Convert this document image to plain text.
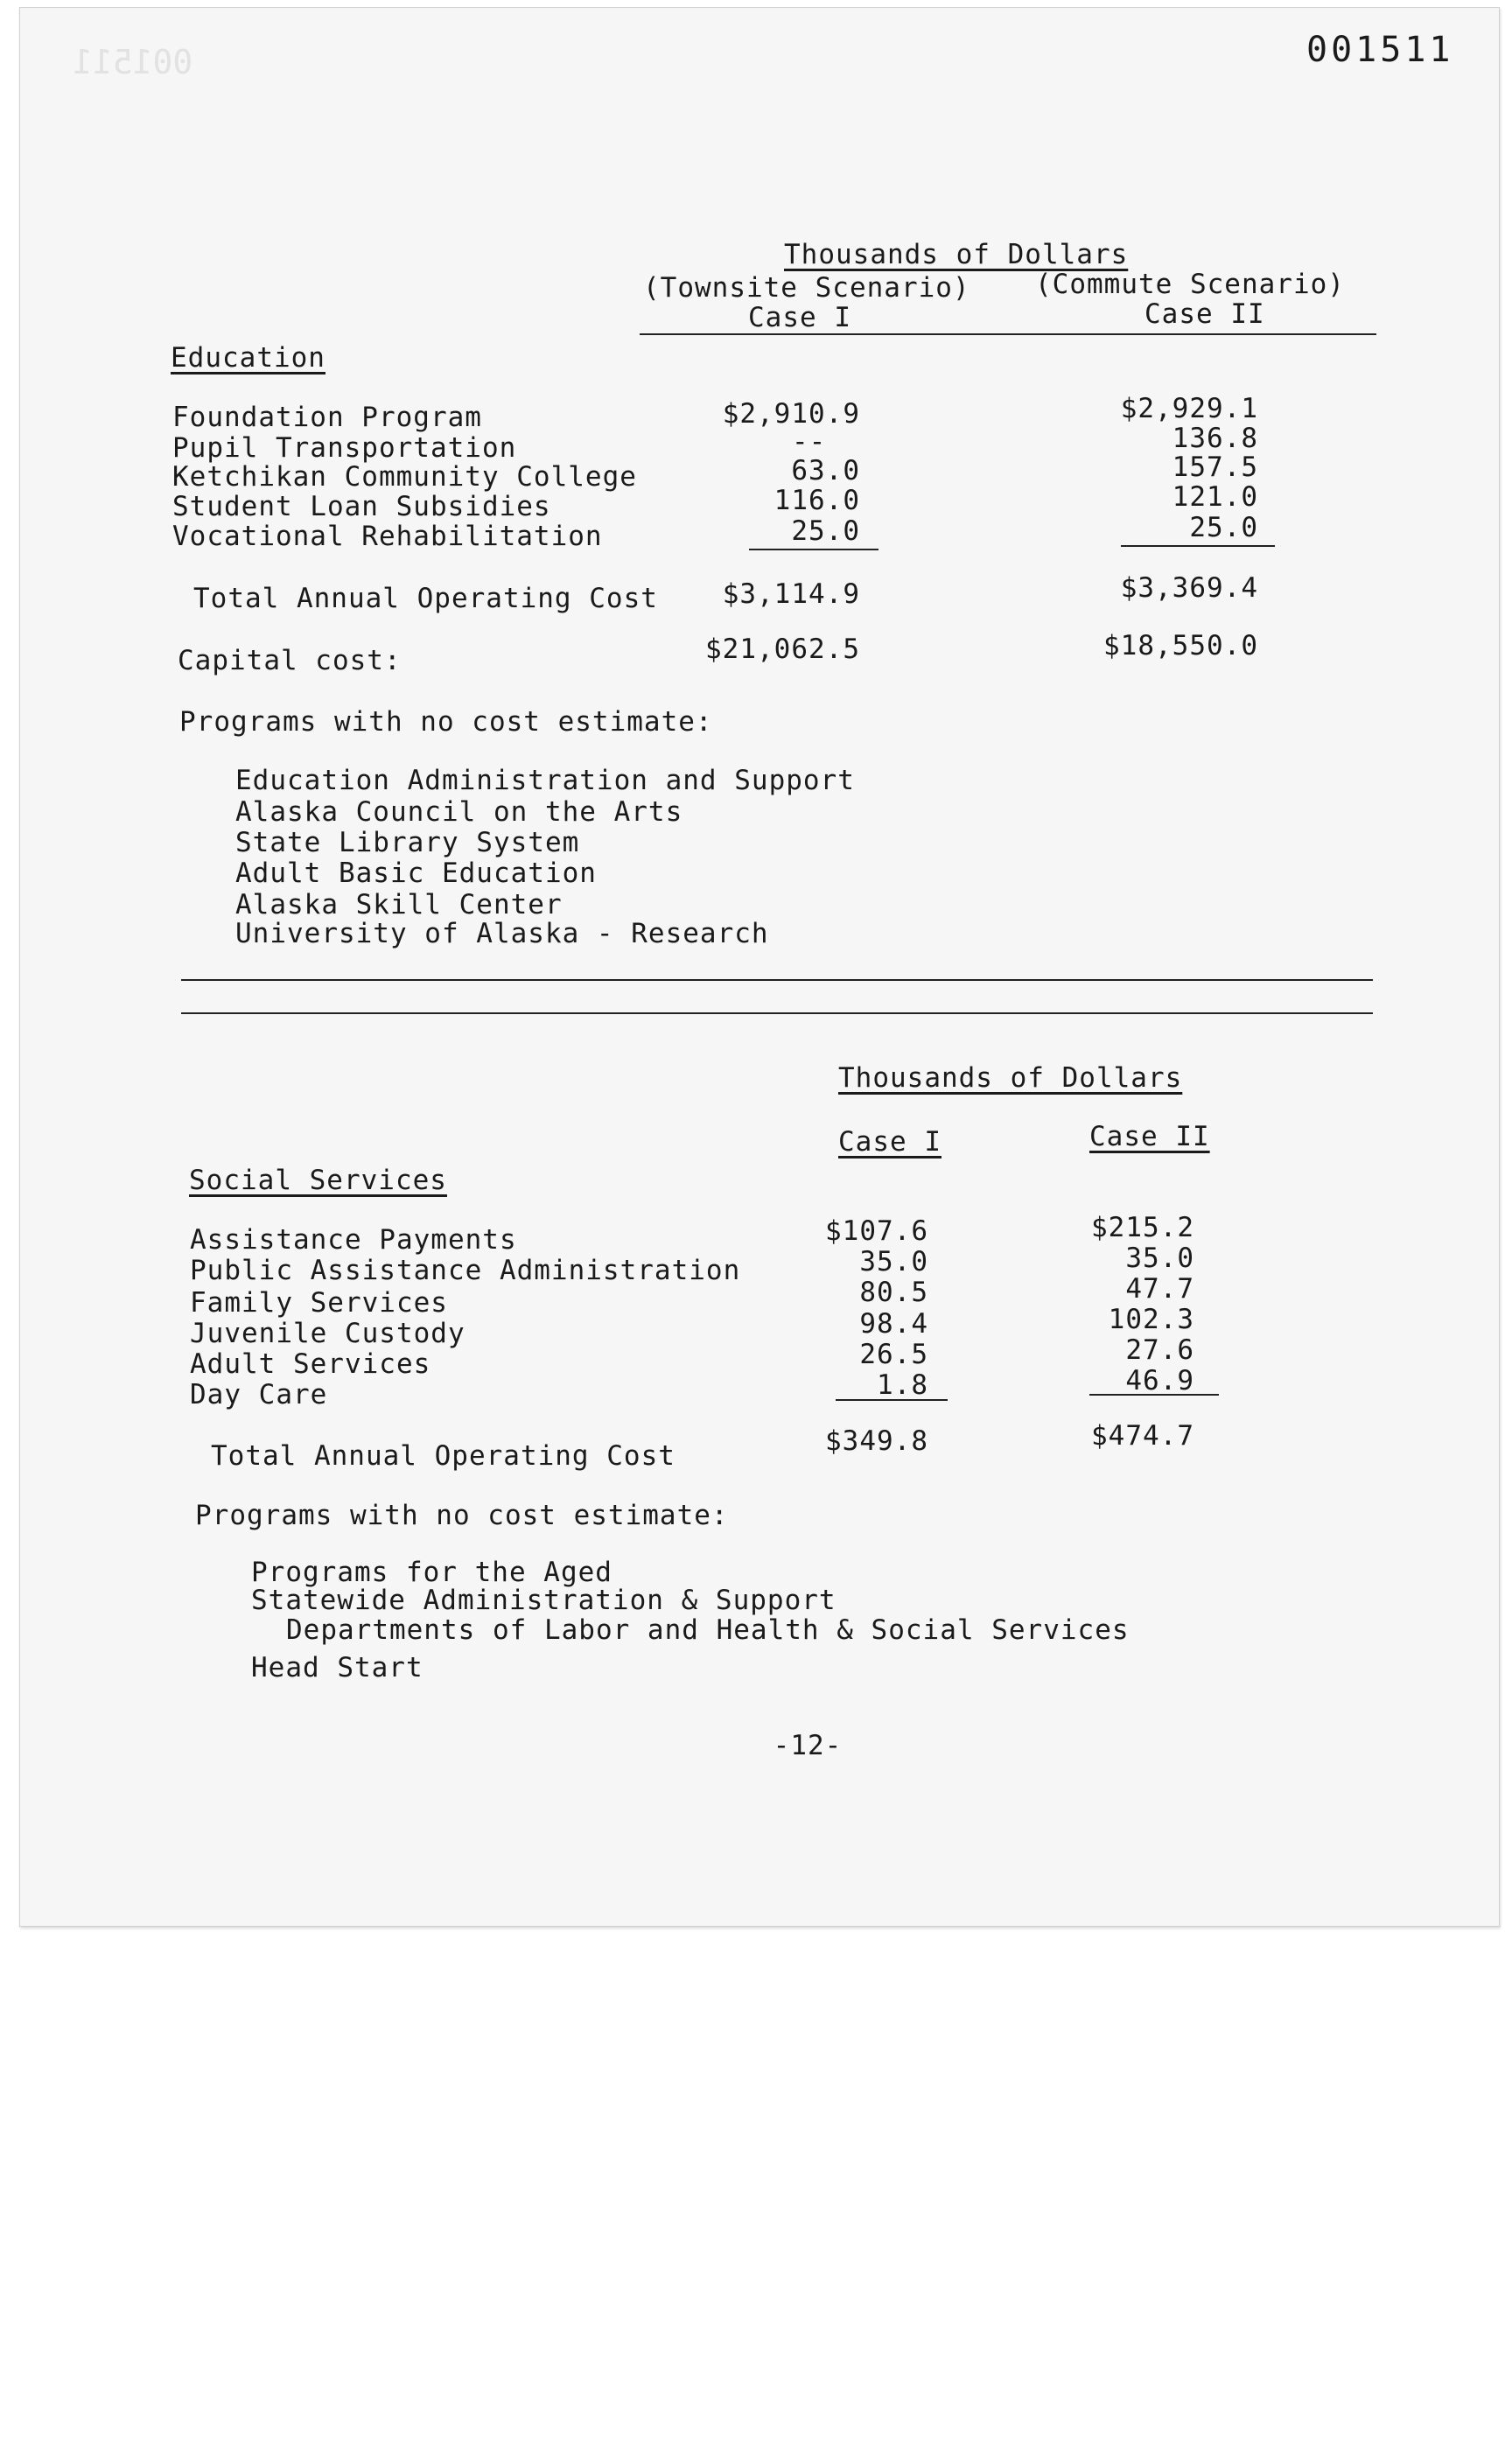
001511	001511
Thousands of Dollars
(Townsite Scenario) (Commute Scenario)
Case I	Case II
Education
Foundation Program	$2,910.9	$2,929.1
Pupil Transportation	--	136.8
Ketchikan Community College	63.0	157.5
Student Loan Subsidies	116.0	121.0
Vocational Rehabilitation	25.0	25.0
Total Annual Operating Cost	$3,114.9	$3,369.4
Capital cost:	$21,062.5	$18,550.0
Programs with no cost estimate:
Education Administration and Support
Alaska Council on the Arts
State Library System
Adult Basic Education
Alaska Skill Center
University of Alaska - Research
Thousands of Dollars
Case I	Case II
Social Services
Assistance Payments	$107.6	$215.2
Public Assistance Administration	35.0	35.0
Family Services	80.5	47.7
Juvenile Custody	98.4	102.3
Adult Services	26.5	27.6
Day Care	1.8	46.9
Total Annual Operating Cost	$349.8	$474.7
Programs with no cost estimate:
Programs for the Aged
Statewide Administration & Support
Departments of Labor and Health & Social Services
Head Start
-12-
